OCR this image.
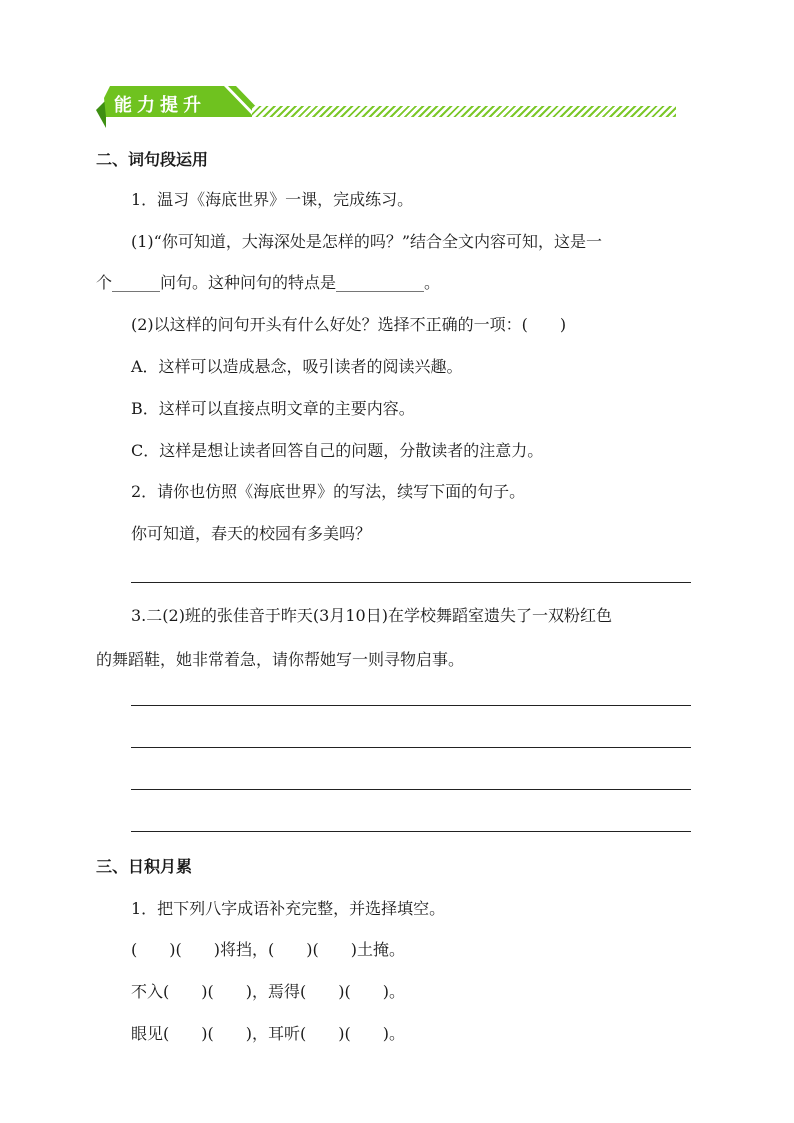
能力提升
二、词句段运用
1．温习《海底世界》一课，完成练习。
(1)“你可知道，大海深处是怎样的吗？”结合全文内容可知，这是一
个______问句。这种问句的特点是___________。
(2)以这样的问句开头有什么好处？选择不正确的一项：(　　)
A．这样可以造成悬念，吸引读者的阅读兴趣。
B．这样可以直接点明文章的主要内容。
C．这样是想让读者回答自己的问题，分散读者的注意力。
2．请你也仿照《海底世界》的写法，续写下面的句子。
你可知道，春天的校园有多美吗？
3.二(2)班的张佳音于昨天(3月10日)在学校舞蹈室遗失了一双粉红色
的舞蹈鞋，她非常着急，请你帮她写一则寻物启事。
三、日积月累
1．把下列八字成语补充完整，并选择填空。
(　　)(　　)将挡，(　　)(　　)土掩。
不入(　　)(　　)，焉得(　　)(　　)。
眼见(　　)(　　)，耳听(　　)(　　)。
